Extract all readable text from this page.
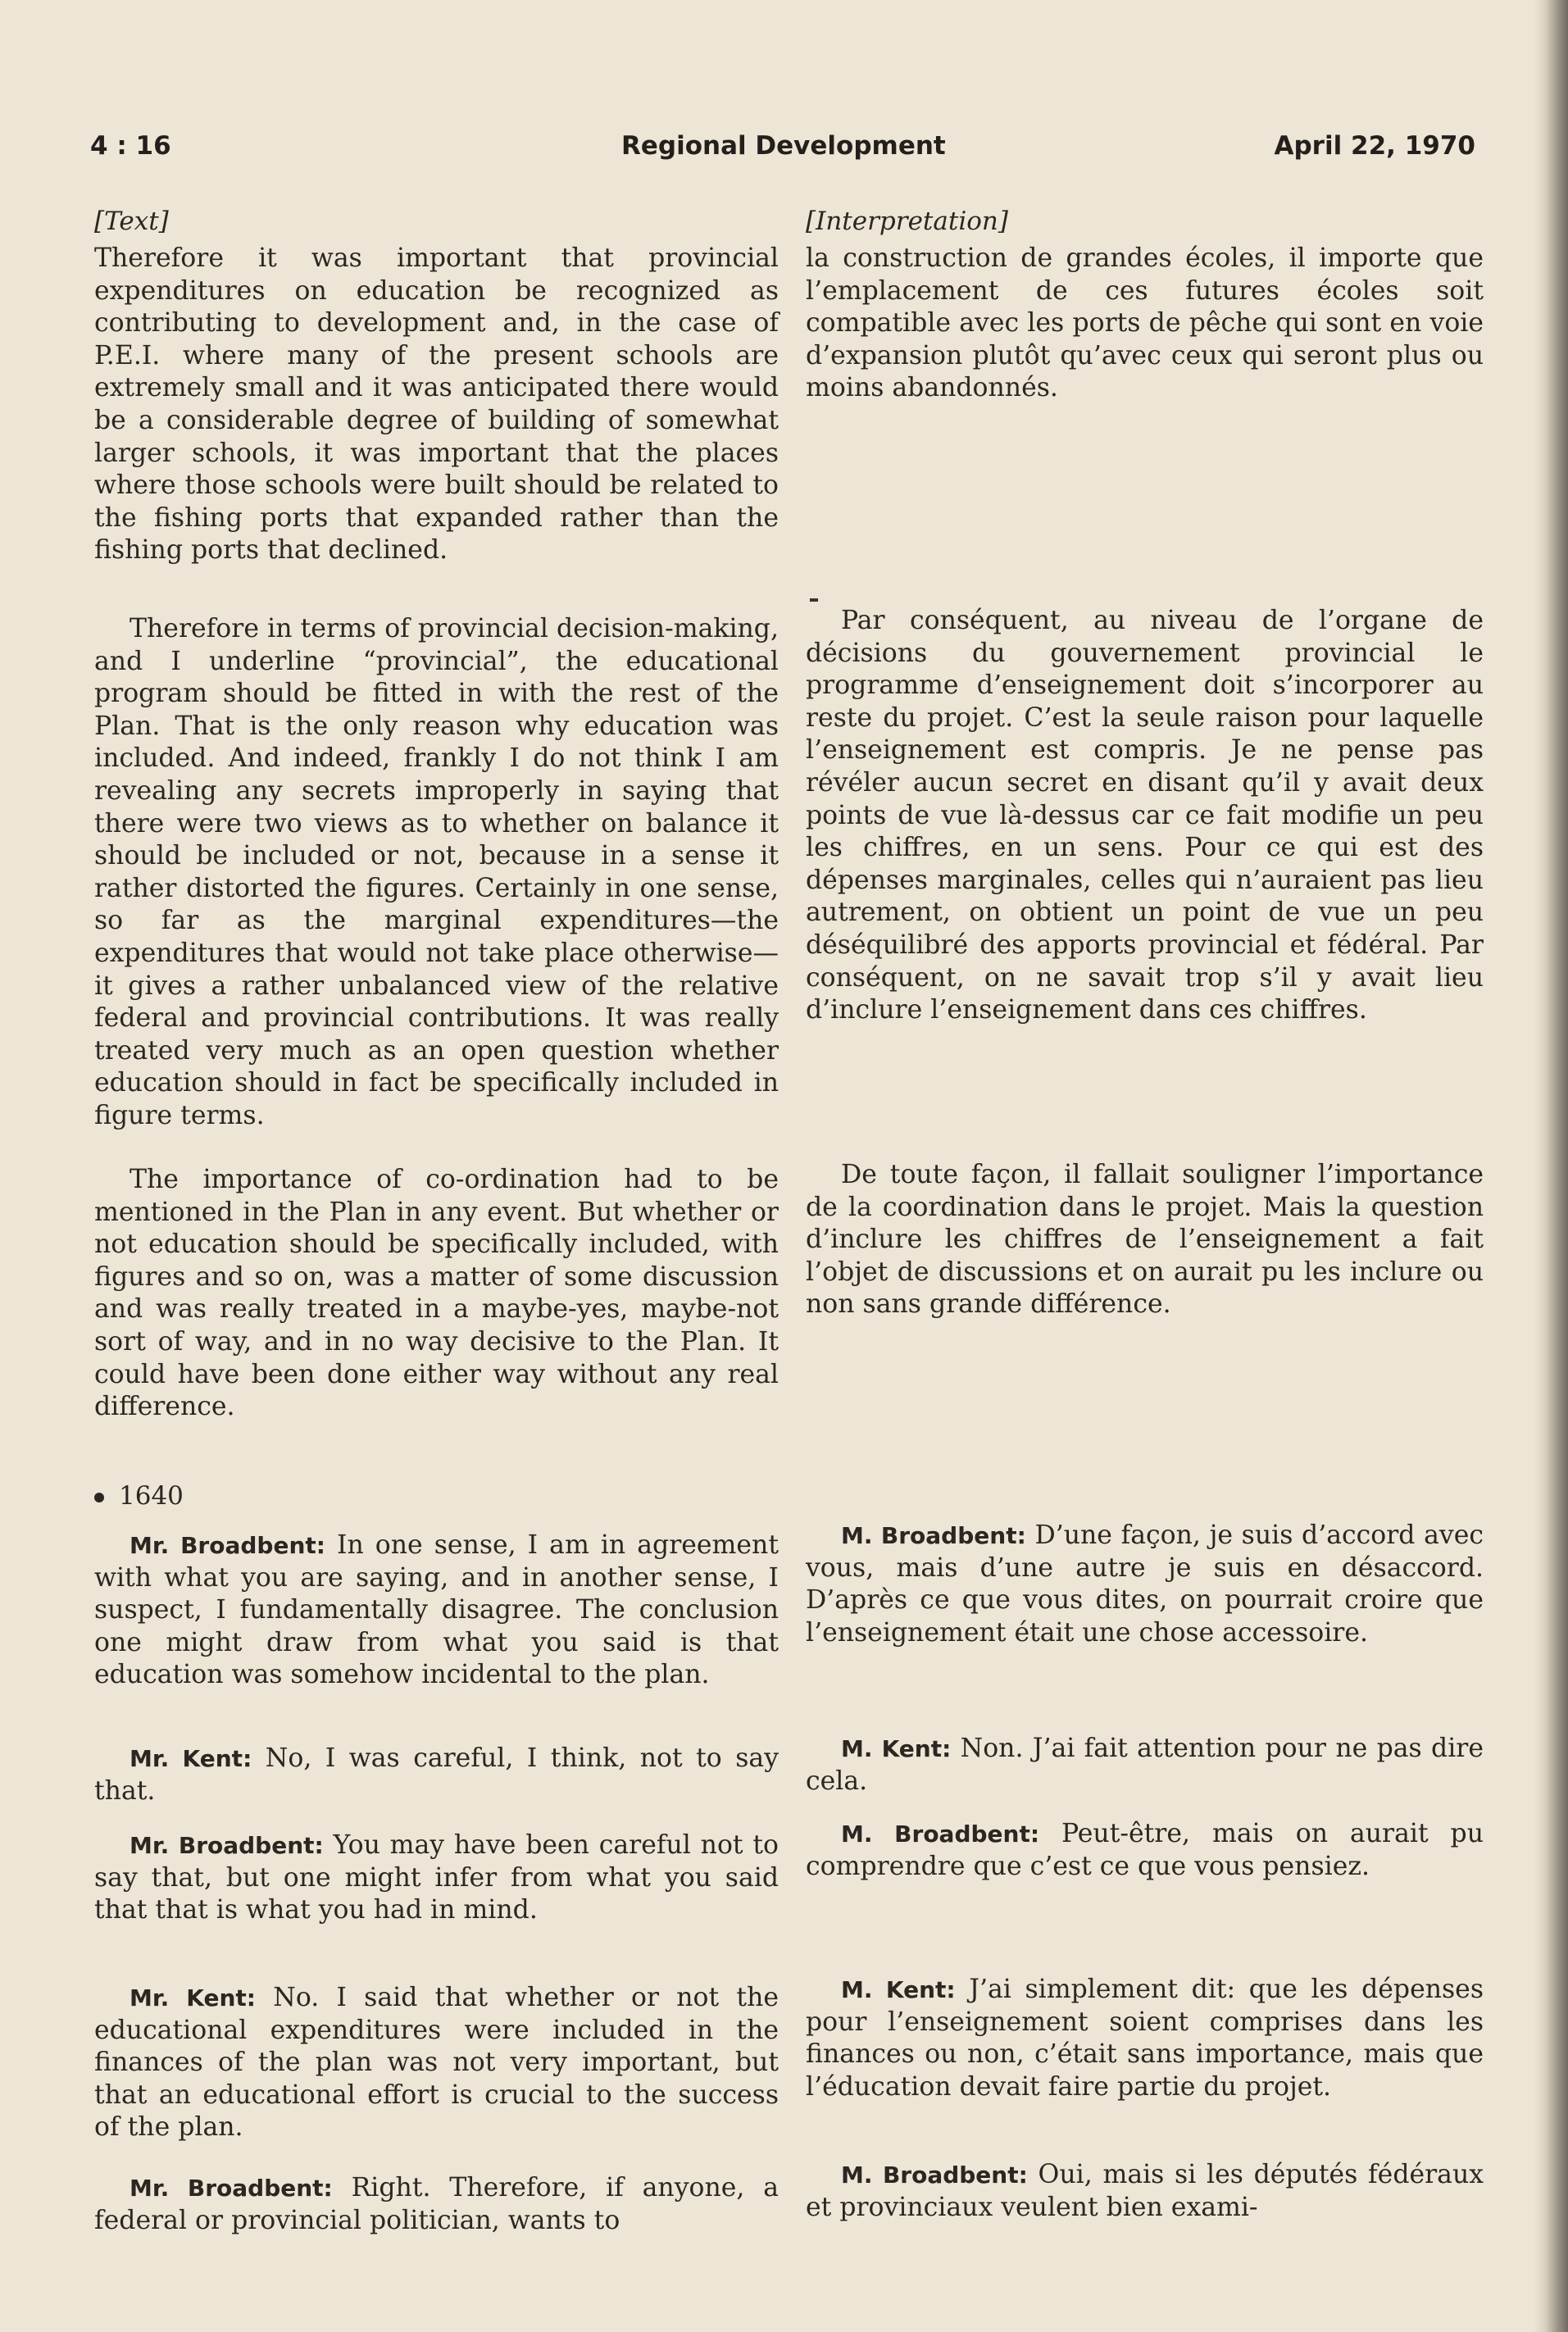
4 : 16	Regional Development	April 22, 1970

[Text]

Therefore it was important that provincial expenditures on education be recognized as contributing to development and, in the case of P.E.I. where many of the present schools are extremely small and it was anticipated there would be a considerable degree of building of somewhat larger schools, it was important that the places where those schools were built should be related to the fishing ports that expanded rather than the fishing ports that declined.

Therefore in terms of provincial decision-making, and I underline “provincial”, the educational program should be fitted in with the rest of the Plan. That is the only reason why education was included. And indeed, frankly I do not think I am revealing any secrets improperly in saying that there were two views as to whether on balance it should be included or not, because in a sense it rather distorted the figures. Certainly in one sense, so far as the marginal expenditures—the expenditures that would not take place otherwise—it gives a rather unbalanced view of the relative federal and provincial contributions. It was really treated very much as an open question whether education should in fact be specifically included in figure terms.

The importance of co-ordination had to be mentioned in the Plan in any event. But whether or not education should be specifically included, with figures and so on, was a matter of some discussion and was really treated in a maybe-yes, maybe-not sort of way, and in no way decisive to the Plan. It could have been done either way without any real difference.

1640

Mr. Broadbent: In one sense, I am in agreement with what you are saying, and in another sense, I suspect, I fundamentally disagree. The conclusion one might draw from what you said is that education was somehow incidental to the plan.

Mr. Kent: No, I was careful, I think, not to say that.

Mr. Broadbent: You may have been careful not to say that, but one might infer from what you said that that is what you had in mind.

Mr. Kent: No. I said that whether or not the educational expenditures were included in the finances of the plan was not very important, but that an educational effort is crucial to the success of the plan.

Mr. Broadbent: Right. Therefore, if anyone, a federal or provincial politician, wants to

[Interpretation]

la construction de grandes écoles, il importe que l’emplacement de ces futures écoles soit compatible avec les ports de pêche qui sont en voie d’expansion plutôt qu’avec ceux qui seront plus ou moins abandonnés.

Par conséquent, au niveau de l’organe de décisions du gouvernement provincial le programme d’enseignement doit s’incorporer au reste du projet. C’est la seule raison pour laquelle l’enseignement est compris. Je ne pense pas révéler aucun secret en disant qu’il y avait deux points de vue là-dessus car ce fait modifie un peu les chiffres, en un sens. Pour ce qui est des dépenses marginales, celles qui n’auraient pas lieu autrement, on obtient un point de vue un peu déséquilibré des apports provincial et fédéral. Par conséquent, on ne savait trop s’il y avait lieu d’inclure l’enseignement dans ces chiffres.

De toute façon, il fallait souligner l’importance de la coordination dans le projet. Mais la question d’inclure les chiffres de l’enseignement a fait l’objet de discussions et on aurait pu les inclure ou non sans grande différence.

M. Broadbent: D’une façon, je suis d’accord avec vous, mais d’une autre je suis en désaccord. D’après ce que vous dites, on pourrait croire que l’enseignement était une chose accessoire.

M. Kent: Non. J’ai fait attention pour ne pas dire cela.

M. Broadbent: Peut-être, mais on aurait pu comprendre que c’est ce que vous pensiez.

M. Kent: J’ai simplement dit: que les dépenses pour l’enseignement soient comprises dans les finances ou non, c’était sans importance, mais que l’éducation devait faire partie du projet.

M. Broadbent: Oui, mais si les députés fédéraux et provinciaux veulent bien exami-
